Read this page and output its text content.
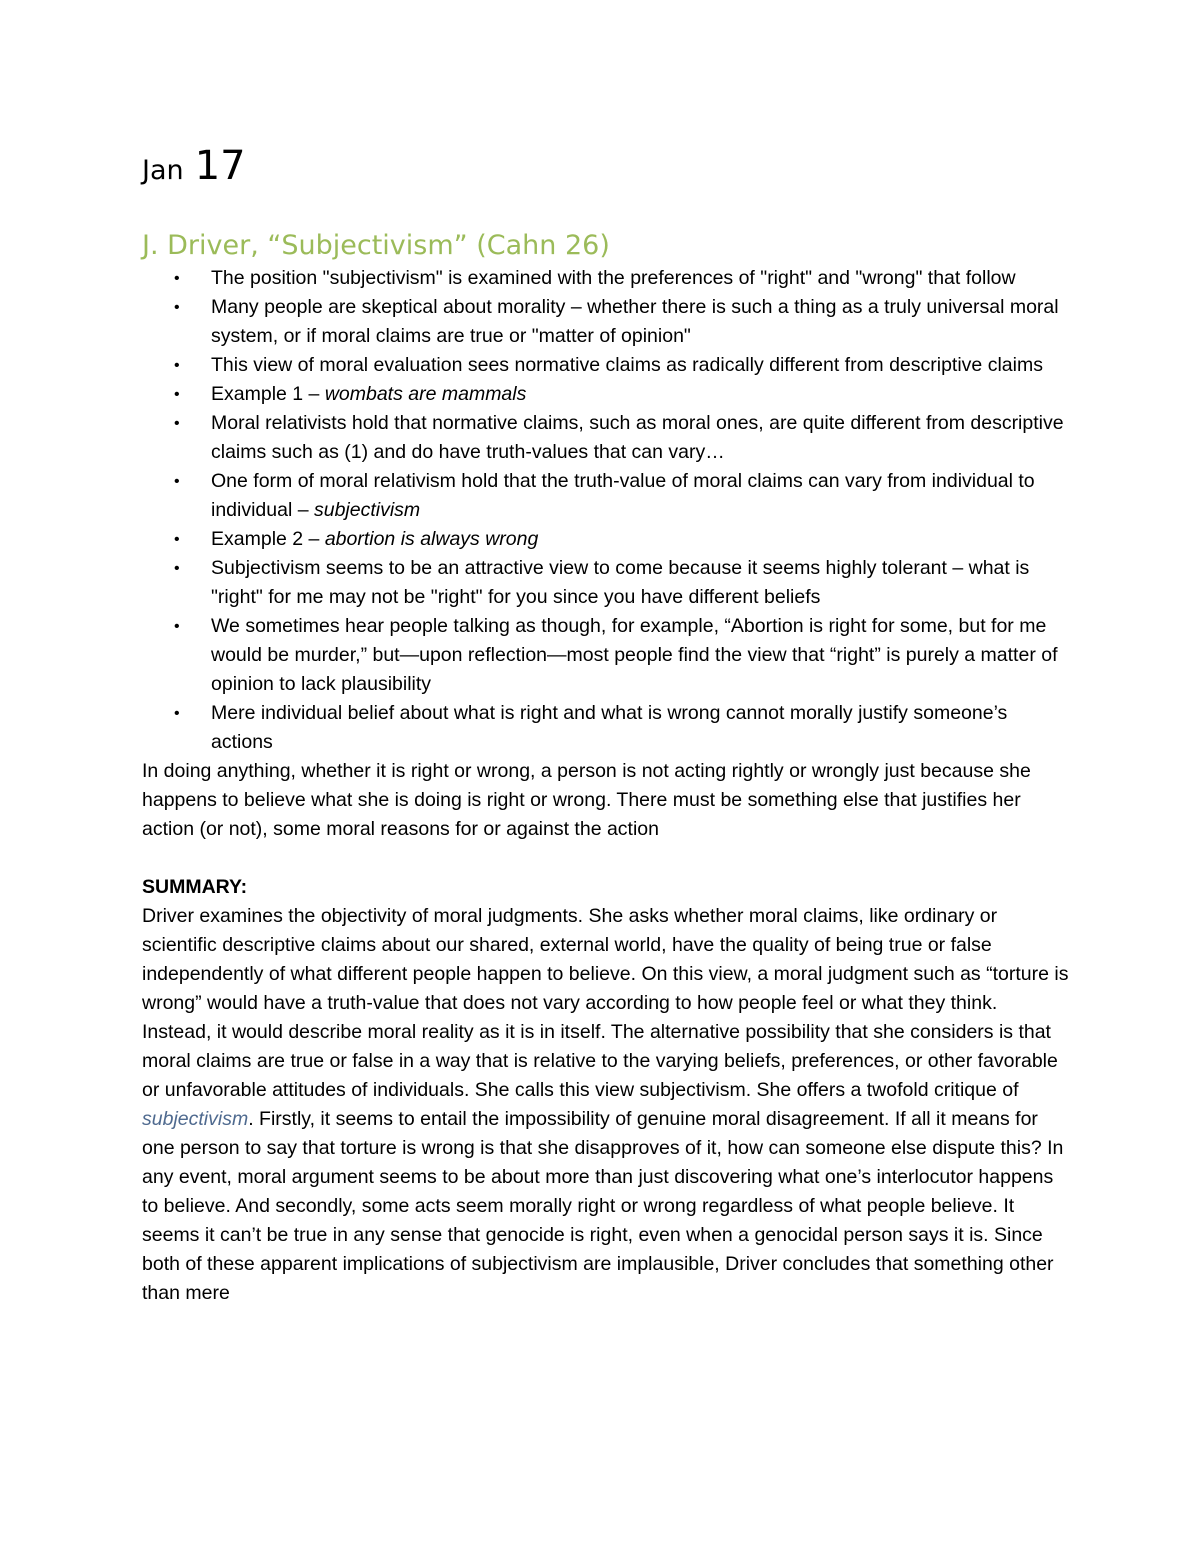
Jan 17
J. Driver, “Subjectivism” (Cahn 26)
• The position "subjectivism" is examined with the preferences of "right" and "wrong" that follow
• Many people are skeptical about morality – whether there is such a thing as a truly universal moral system, or if moral claims are true or "matter of opinion"
• This view of moral evaluation sees normative claims as radically different from descriptive claims
• Example 1 – wombats are mammals
• Moral relativists hold that normative claims, such as moral ones, are quite different from descriptive claims such as (1) and do have truth-values that can vary…
• One form of moral relativism hold that the truth-value of moral claims can vary from individual to individual – subjectivism
• Example 2 – abortion is always wrong
• Subjectivism seems to be an attractive view to come because it seems highly tolerant – what is "right" for me may not be "right" for you since you have different beliefs
• We sometimes hear people talking as though, for example, “Abortion is right for some, but for me would be murder,” but—upon reflection—most people find the view that “right” is purely a matter of opinion to lack plausibility
• Mere individual belief about what is right and what is wrong cannot morally justify someone’s actions

In doing anything, whether it is right or wrong, a person is not acting rightly or wrongly just because she happens to believe what she is doing is right or wrong. There must be something else that justifies her action (or not), some moral reasons for or against the action

SUMMARY:

Driver examines the objectivity of moral judgments. She asks whether moral claims, like ordinary or scientific descriptive claims about our shared, external world, have the quality of being true or false independently of what different people happen to believe. On this view, a moral judgment such as “torture is wrong” would have a truth-value that does not vary according to how people feel or what they think. Instead, it would describe moral reality as it is in itself. The alternative possibility that she considers is that moral claims are true or false in a way that is relative to the varying beliefs, preferences, or other favorable or unfavorable attitudes of individuals. She calls this view subjectivism. She offers a twofold critique of subjectivism. Firstly, it seems to entail the impossibility of genuine moral disagreement. If all it means for one person to say that torture is wrong is that she disapproves of it, how can someone else dispute this? In any event, moral argument seems to be about more than just discovering what one’s interlocutor happens to believe. And secondly, some acts seem morally right or wrong regardless of what people believe. It seems it can’t be true in any sense that genocide is right, even when a genocidal person says it is. Since both of these apparent implications of subjectivism are implausible, Driver concludes that something other than mere
